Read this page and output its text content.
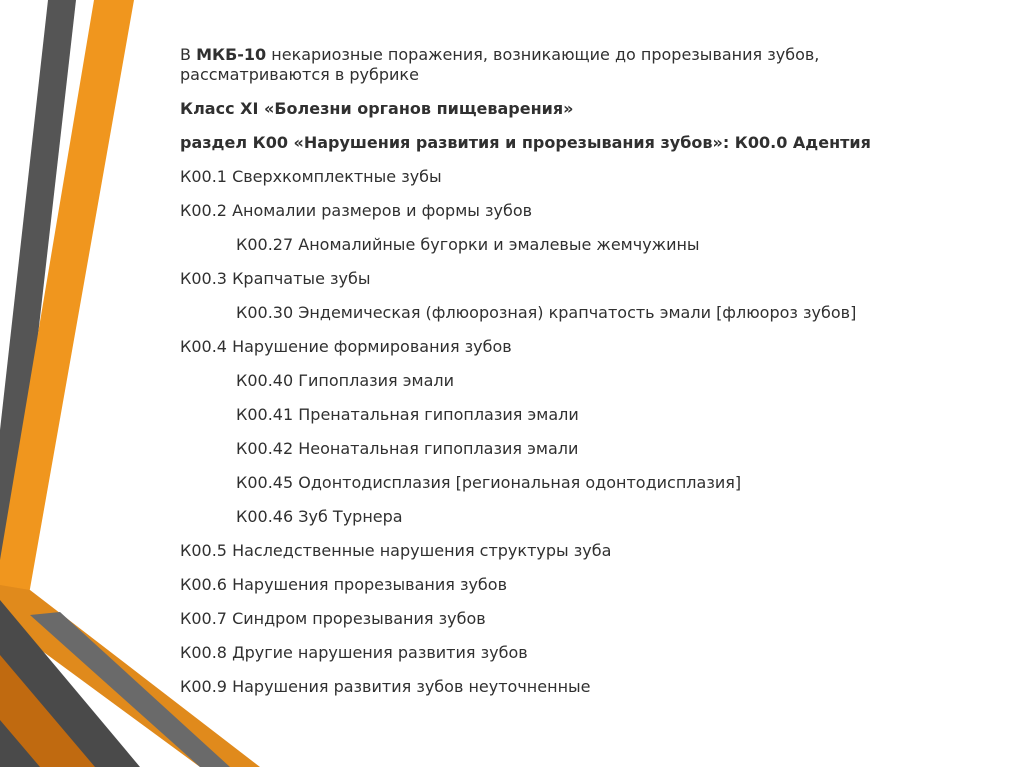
В МКБ-10 некариозные поражения, возникающие до прорезывания зубов,

рассматриваются в рубрике

Класс XI «Болезни органов пищеварения»

раздел К00 «Нарушения развития и прорезывания зубов»: К00.0 Адентия

К00.1 Сверхкомплектные зубы

К00.2 Аномалии размеров и формы зубов

К00.27 Аномалийные бугорки и эмалевые жемчужины

К00.3 Крапчатые зубы

К00.30 Эндемическая (флюорозная) крапчатость эмали [флюороз зубов]

К00.4 Нарушение формирования зубов

К00.40 Гипоплазия эмали

К00.41 Пренатальная гипоплазия эмали

К00.42 Неонатальная гипоплазия эмали

К00.45 Одонтодисплазия [региональная одонтодисплазия]

К00.46 Зуб Турнера

К00.5 Наследственные нарушения структуры зуба

К00.6 Нарушения прорезывания зубов

К00.7 Синдром прорезывания зубов

К00.8 Другие нарушения развития зубов

К00.9 Нарушения развития зубов неуточненные
